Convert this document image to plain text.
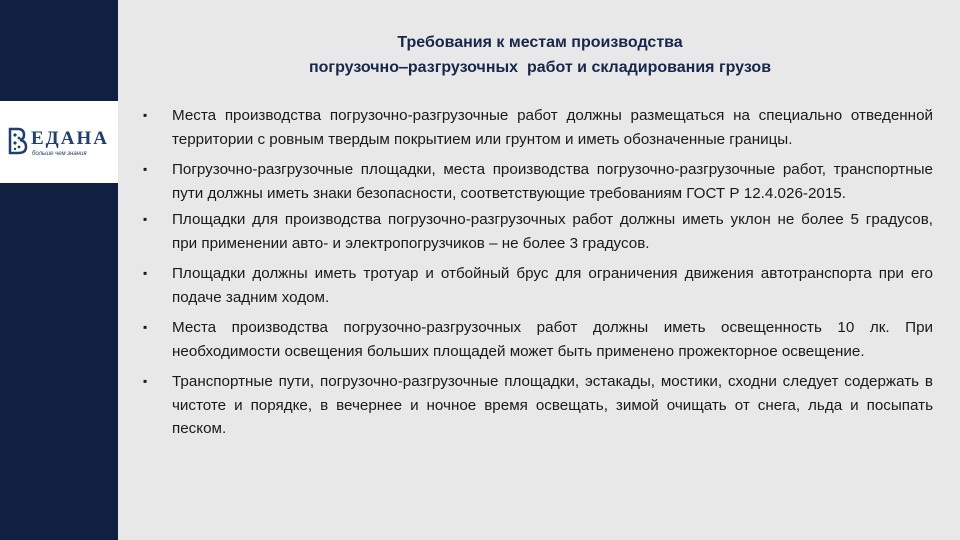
ЕДАНА
больше чем знания
Требования к местам производства
погрузочно‒разгрузочных  работ и складирования грузов
▪ Места производства погрузочно-разгрузочные работ должны размещаться на специально отведенной территории с ровным твердым покрытием или грунтом и иметь обозначенные границы.
▪ Погрузочно-разгрузочные площадки, места производства погрузочно-разгрузочные работ, транспортные пути должны иметь знаки безопасности, соответствующие требованиям ГОСТ Р 12.4.026-2015.
▪ Площадки для производства погрузочно-разгрузочных работ должны иметь уклон не более 5 градусов, при применении авто- и электропогрузчиков ‒ не более 3 градусов.
▪ Площадки должны иметь тротуар и отбойный брус для ограничения движения автотранспорта при его подаче задним ходом.
▪ Места производства погрузочно-разгрузочных работ должны иметь освещенность 10 лк. При необходимости освещения больших площадей может быть применено прожекторное освещение.
▪ Транспортные пути, погрузочно-разгрузочные площадки, эстакады, мостики, сходни следует содержать в чистоте и порядке, в вечернее и ночное время освещать, зимой очищать от снега, льда и посыпать песком.
